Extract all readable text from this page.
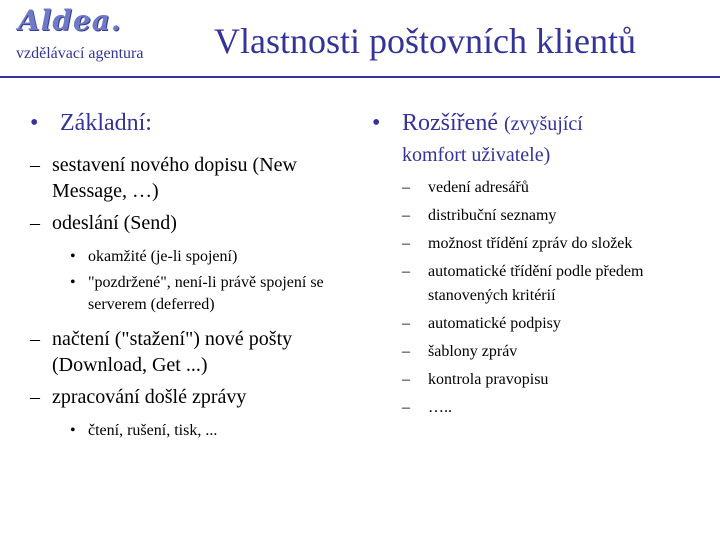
Aldea.
vzdělávací agentura Vlastnosti poštovních klientů
• Základní:
– sestavení nového dopisu (New Message, …)
– odeslání (Send)
• okamžité (je-li spojení)
• "pozdržené", není-li právě spojení se serverem (deferred)
– načtení ("stažení") nové pošty (Download, Get ...)
– zpracování došlé zprávy
• čtení, rušení, tisk, ...
• Rozšířené (zvyšující
komfort uživatele)
– vedení adresářů
– distribuční seznamy
– možnost třídění zpráv do složek
– automatické třídění podle předem stanovených kritérií
– automatické podpisy
– šablony zpráv
– kontrola pravopisu
– …..
